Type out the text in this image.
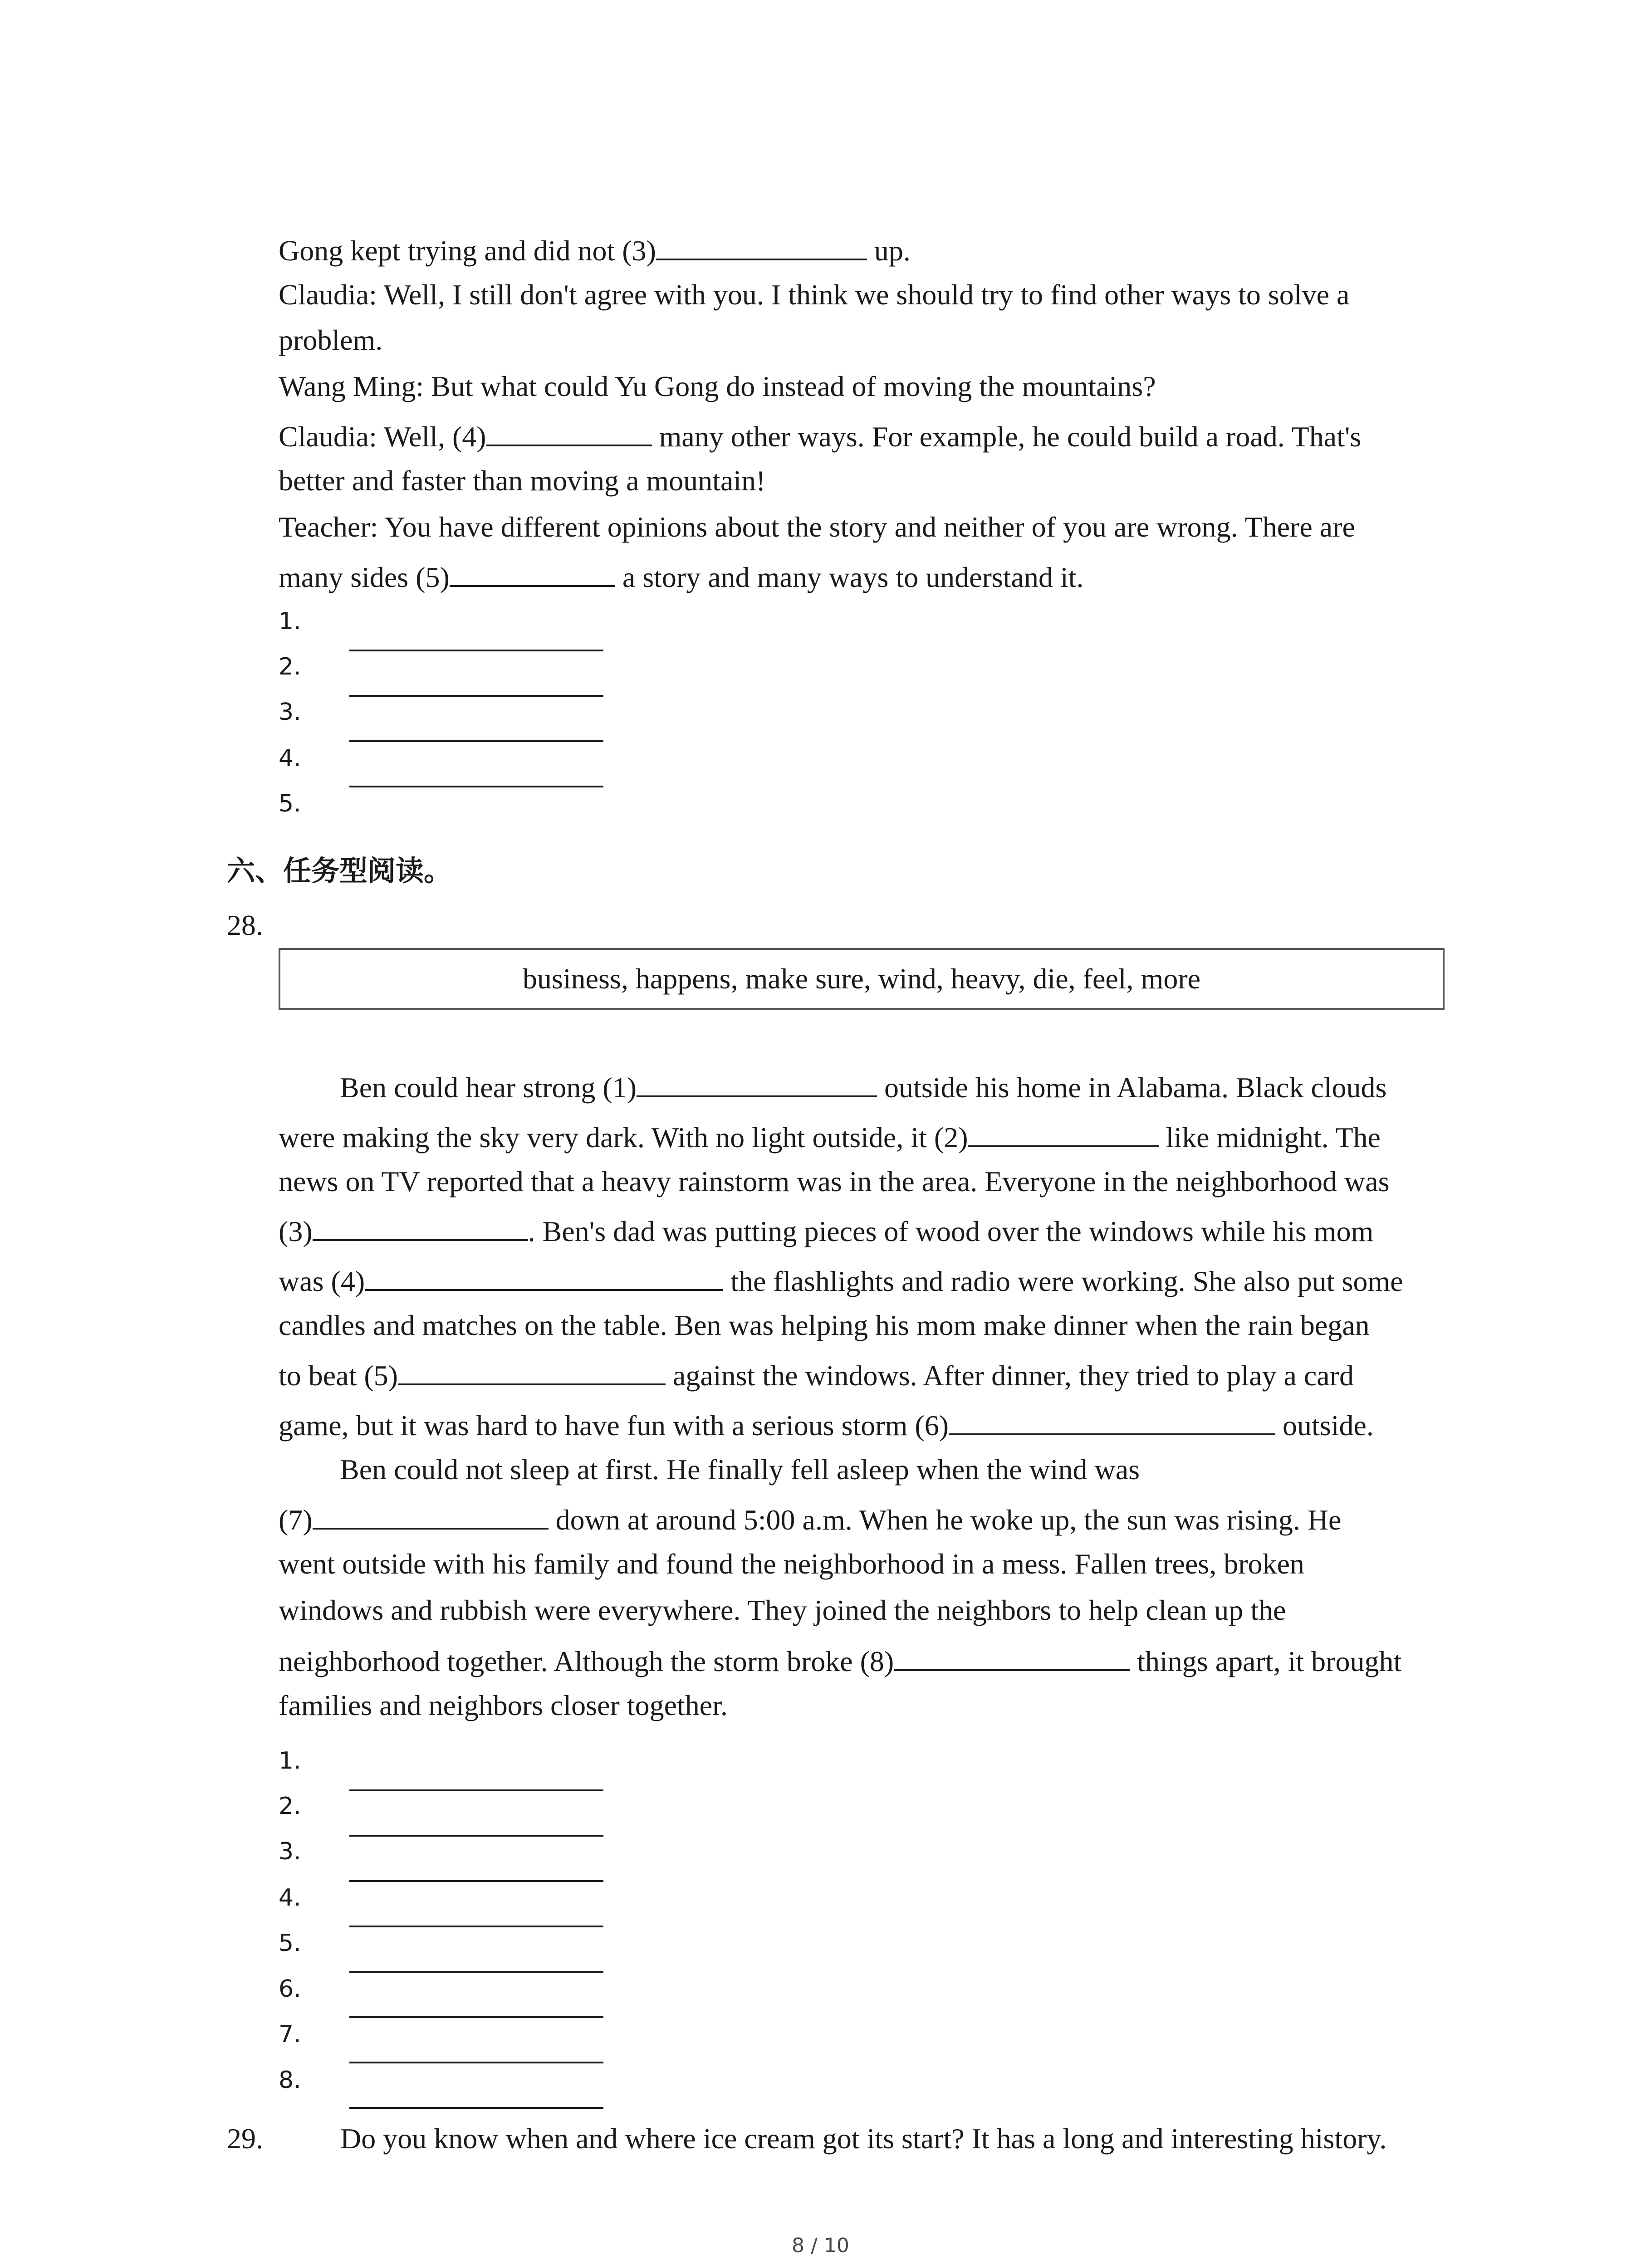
Gong kept trying and did not (3)	up.
Claudia: Well, I still don't agree with you. I think we should try to find other ways to solve a
problem.
Wang Ming: But what could Yu Gong do instead of moving the mountains?
Claudia: Well, (4)	many other ways. For example, he could build a road. That's
better and faster than moving a mountain!
Teacher: You have different opinions about the story and neither of you are wrong. There are
many sides (5)	a story and many ways to understand it.
1.
2.
3.
4.
5.
六、任务型阅读。
28.
business, happens, make sure, wind, heavy, die, feel, more
Ben could hear strong (1)	outside his home in Alabama. Black clouds
were making the sky very dark. With no light outside, it (2)	like midnight. The
news on TV reported that a heavy rainstorm was in the area. Everyone in the neighborhood was
(3)	. Ben's dad was putting pieces of wood over the windows while his mom
was (4)	the flashlights and radio were working. She also put some
candles and matches on the table. Ben was helping his mom make dinner when the rain began
to beat (5)	against the windows. After dinner, they tried to play a card
game, but it was hard to have fun with a serious storm (6)	outside.
Ben could not sleep at first. He finally fell asleep when the wind was
(7)	down at around 5:00 a.m. When he woke up, the sun was rising. He
went outside with his family and found the neighborhood in a mess. Fallen trees, broken
windows and rubbish were everywhere. They joined the neighbors to help clean up the
neighborhood together. Although the storm broke (8)	things apart, it brought
families and neighbors closer together.
1.
2.
3.
4.
5.
6.
7.
8.
29.	Do you know when and where ice cream got its start? It has a long and interesting history.
8 / 10
